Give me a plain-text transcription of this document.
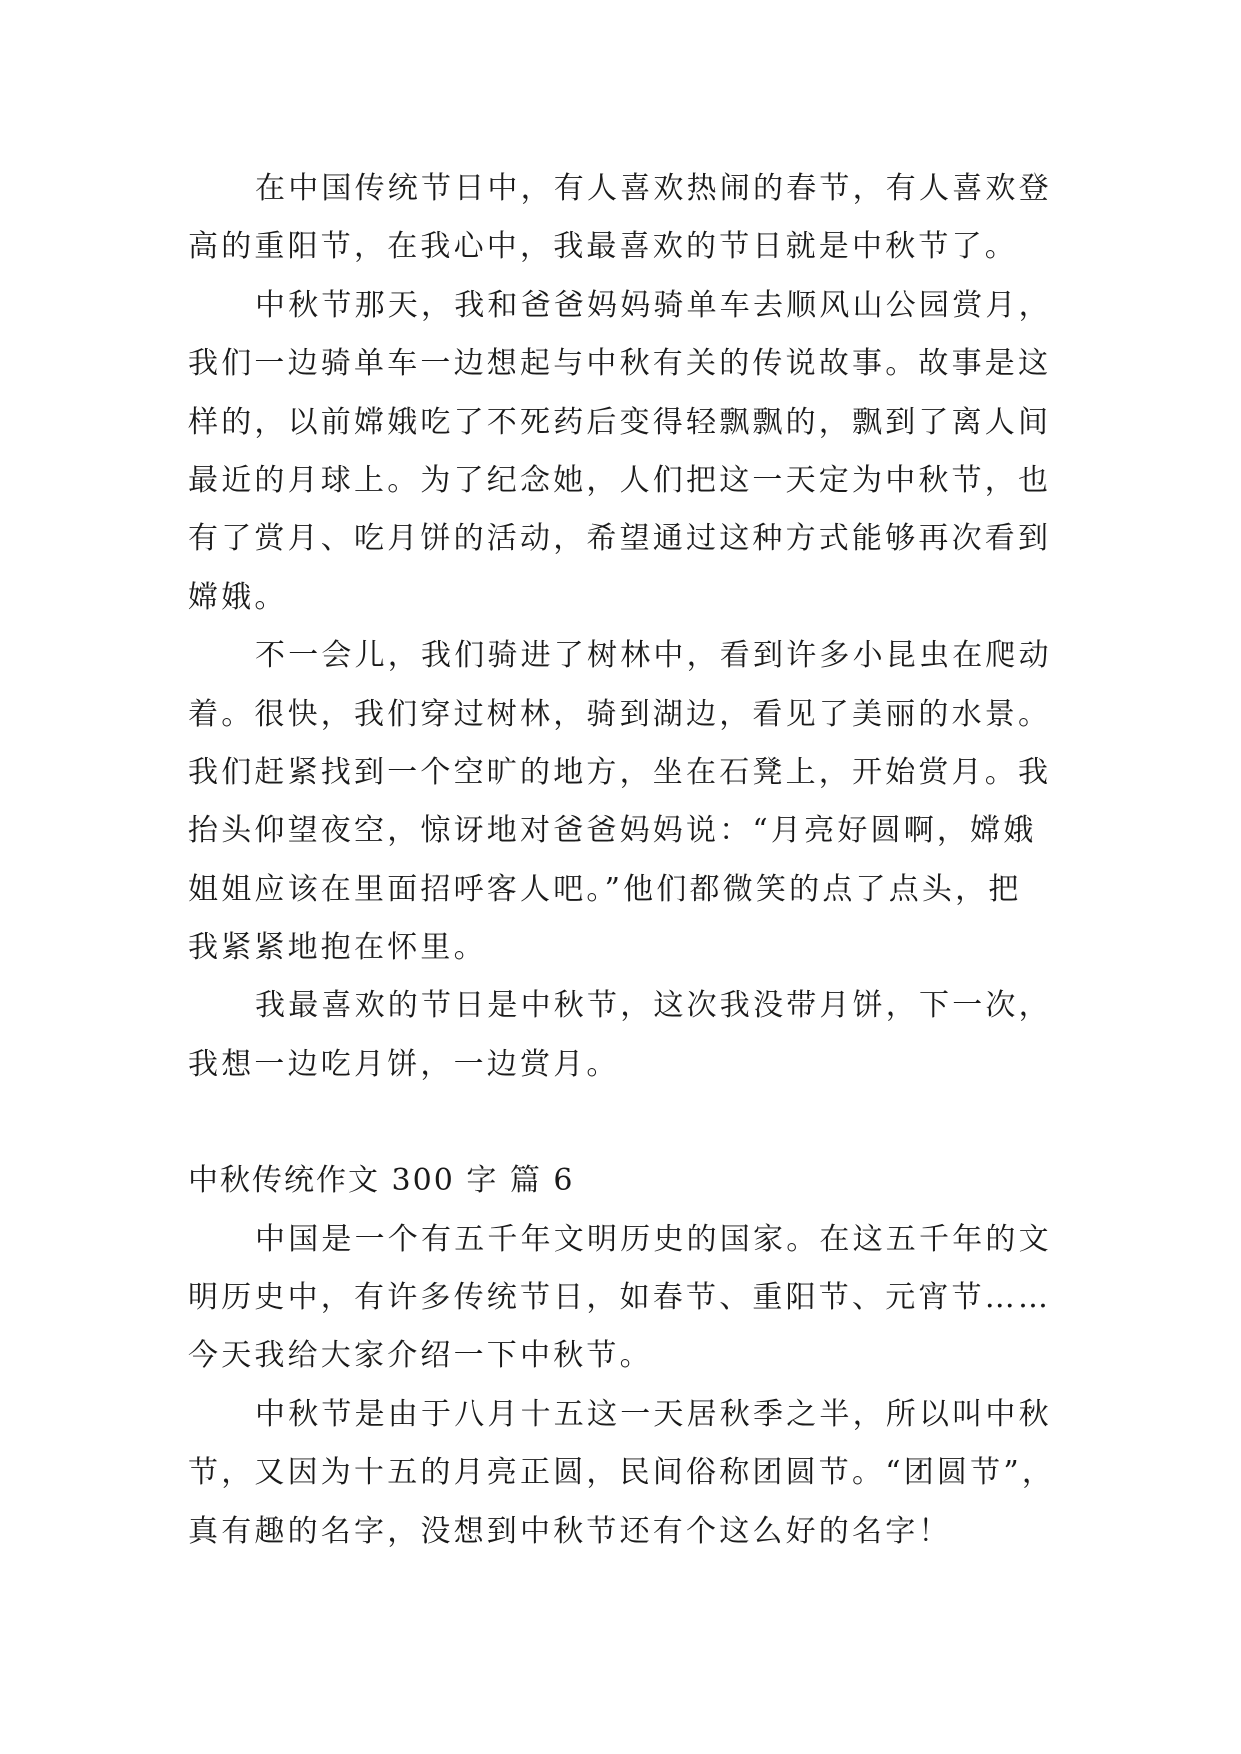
在中国传统节日中，有人喜欢热闹的春节，有人喜欢登
高的重阳节，在我心中，我最喜欢的节日就是中秋节了。
中秋节那天，我和爸爸妈妈骑单车去顺风山公园赏月，
我们一边骑单车一边想起与中秋有关的传说故事。故事是这
样的，以前嫦娥吃了不死药后变得轻飘飘的，飘到了离人间
最近的月球上。为了纪念她，人们把这一天定为中秋节，也
有了赏月、吃月饼的活动，希望通过这种方式能够再次看到
嫦娥。
不一会儿，我们骑进了树林中，看到许多小昆虫在爬动
着。很快，我们穿过树林，骑到湖边，看见了美丽的水景。
我们赶紧找到一个空旷的地方，坐在石凳上，开始赏月。我
抬头仰望夜空，惊讶地对爸爸妈妈说：“月亮好圆啊，嫦娥
姐姐应该在里面招呼客人吧。”他们都微笑的点了点头，把
我紧紧地抱在怀里。
我最喜欢的节日是中秋节，这次我没带月饼，下一次，
我想一边吃月饼，一边赏月。
中秋传统作文 300 字 篇 6
中国是一个有五千年文明历史的国家。在这五千年的文
明历史中，有许多传统节日，如春节、重阳节、元宵节……
今天我给大家介绍一下中秋节。
中秋节是由于八月十五这一天居秋季之半，所以叫中秋
节，又因为十五的月亮正圆，民间俗称团圆节。“团圆节”，
真有趣的名字，没想到中秋节还有个这么好的名字！
